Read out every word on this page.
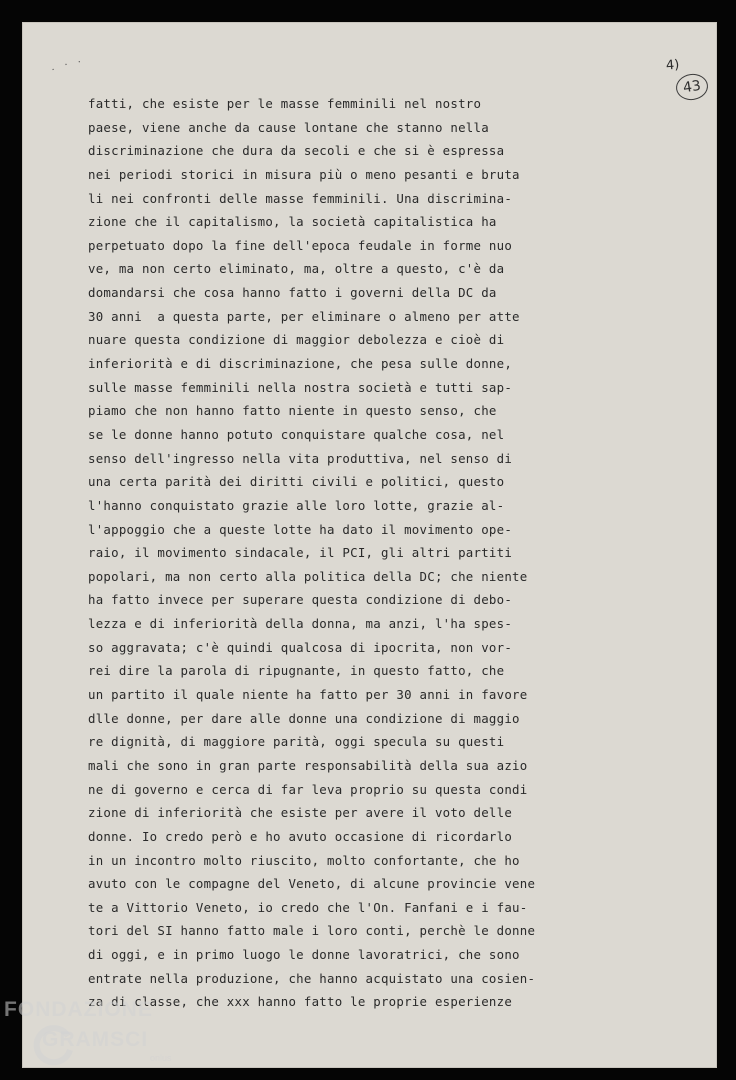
. · ·	4)
43
fatti, che esiste per le masse femminili nel nostro
paese, viene anche da cause lontane che stanno nella
discriminazione che dura da secoli e che si è espressa
nei periodi storici in misura più o meno pesanti e bruta
li nei confronti delle masse femminili. Una discrimina-
zione che il capitalismo, la società capitalistica ha
perpetuato dopo la fine dell'epoca feudale in forme nuo
ve, ma non certo eliminato, ma, oltre a questo, c'è da
domandarsi che cosa hanno fatto i governi della DC da
30 anni  a questa parte, per eliminare o almeno per atte
nuare questa condizione di maggior debolezza e cioè di
inferiorità e di discriminazione, che pesa sulle donne,
sulle masse femminili nella nostra società e tutti sap-
piamo che non hanno fatto niente in questo senso, che
se le donne hanno potuto conquistare qualche cosa, nel
senso dell'ingresso nella vita produttiva, nel senso di
una certa parità dei diritti civili e politici, questo
l'hanno conquistato grazie alle loro lotte, grazie al-
l'appoggio che a queste lotte ha dato il movimento ope-
raio, il movimento sindacale, il PCI, gli altri partiti
popolari, ma non certo alla politica della DC; che niente
ha fatto invece per superare questa condizione di debo-
lezza e di inferiorità della donna, ma anzi, l'ha spes-
so aggravata; c'è quindi qualcosa di ipocrita, non vor-
rei dire la parola di ripugnante, in questo fatto, che
un partito il quale niente ha fatto per 30 anni in favore
dlle donne, per dare alle donne una condizione di maggio
re dignità, di maggiore parità, oggi specula su questi
mali che sono in gran parte responsabilità della sua azio
ne di governo e cerca di far leva proprio su questa condi
zione di inferiorità che esiste per avere il voto delle
donne. Io credo però e ho avuto occasione di ricordarlo
in un incontro molto riuscito, molto confortante, che ho
avuto con le compagne del Veneto, di alcune provincie vene
te a Vittorio Veneto, io credo che l'On. Fanfani e i fau-
tori del SI hanno fatto male i loro conti, perchè le donne
di oggi, e in primo luogo le donne lavoratrici, che sono
entrate nella produzione, che hanno acquistato una cosien-
za di classe, che xxx hanno fatto le proprie esperienze
FONDAZIONE
GRAMSCI
onlus
